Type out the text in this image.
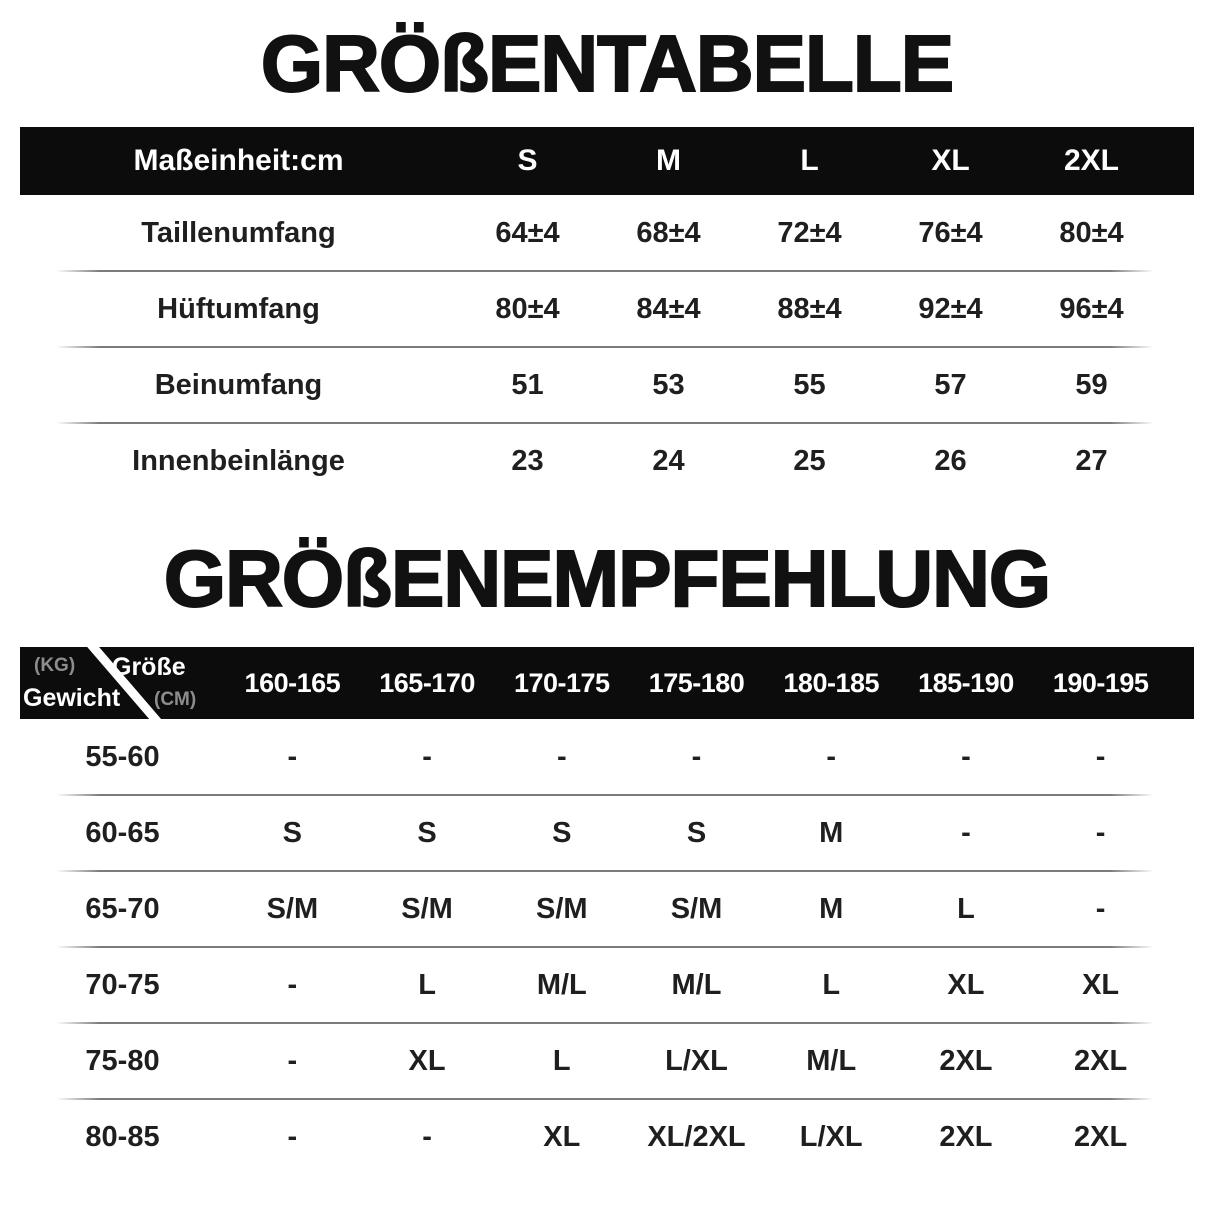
GRÖßENTABELLE
Maßeinheit:cm	S	M	L	XL	2XL
Taillenumfang	64±4	68±4	72±4	76±4	80±4
Hüftumfang	80±4	84±4	88±4	92±4	96±4
Beinumfang	51	53	55	57	59
Innenbeinlänge	23	24	25	26	27
GRÖßENEMPFEHLUNG
(KG) Größe
Gewicht (CM)
160-165	165-170	170-175	175-180	180-185	185-190	190-195
55-60	-	-	-	-	-	-	-
60-65	S	S	S	S	M	-	-
65-70	S/M	S/M	S/M	S/M	M	L	-
70-75	-	L	M/L	M/L	L	XL	XL
75-80	-	XL	L	L/XL	M/L	2XL	2XL
80-85	-	-	XL	XL/2XL	L/XL	2XL	2XL
